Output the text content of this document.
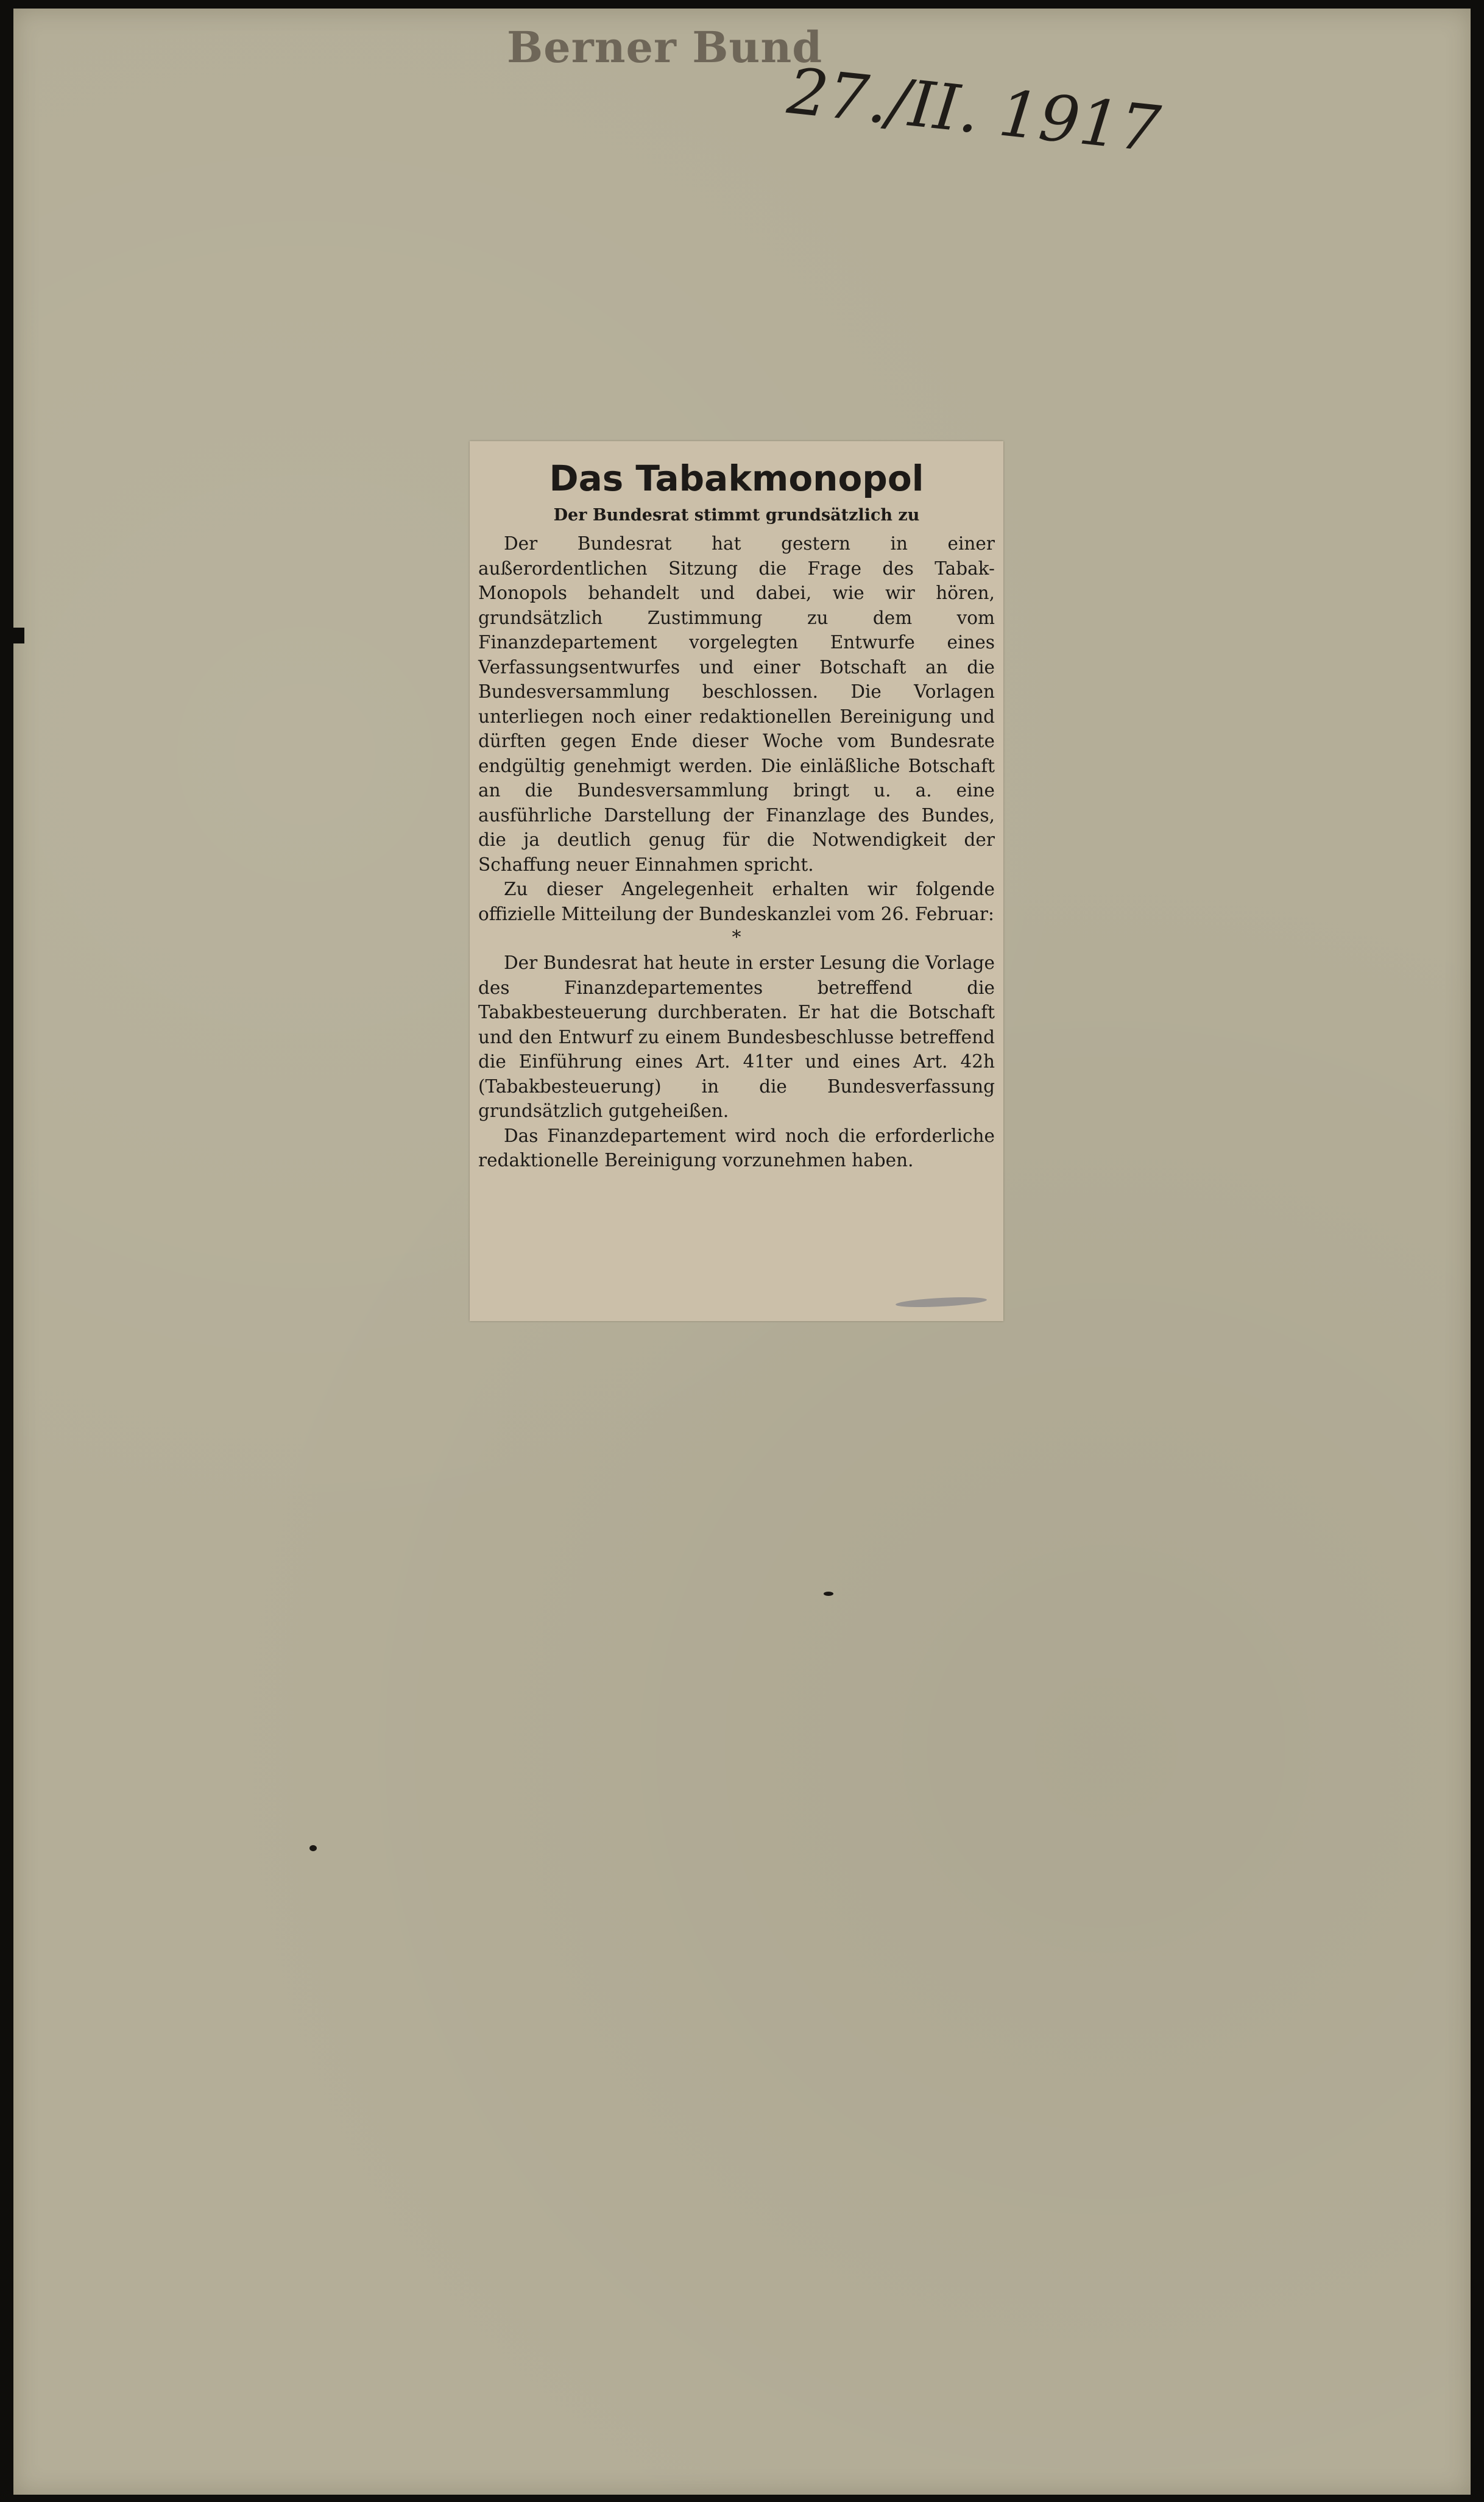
Berner Bund
27./II. 1917
Das Tabakmonopol
Der Bundesrat stimmt grundsätzlich zu

Der Bundesrat hat gestern in einer außerordentlichen Sitzung die Frage des Tabak-Monopols behandelt und dabei, wie wir hören, grundsätzlich Zustimmung zu dem vom Finanzdepartement vorgelegten Entwurfe eines Verfassungsentwurfes und einer Botschaft an die Bundesversammlung beschlossen. Die Vorlagen unterliegen noch einer redaktionellen Bereinigung und dürften gegen Ende dieser Woche vom Bundesrate endgültig genehmigt werden. Die einläßliche Botschaft an die Bundesversammlung bringt u. a. eine ausführliche Darstellung der Finanzlage des Bundes, die ja deutlich genug für die Notwendigkeit der Schaffung neuer Einnahmen spricht.

Zu dieser Angelegenheit erhalten wir folgende offizielle Mitteilung der Bundeskanzlei vom 26. Februar:

*

Der Bundesrat hat heute in erster Lesung die Vorlage des Finanzdepartementes betreffend die Tabakbesteuerung durchberaten. Er hat die Botschaft und den Entwurf zu einem Bundesbeschlusse betreffend die Einführung eines Art. 41ter und eines Art. 42h (Tabakbesteuerung) in die Bundesverfassung grundsätzlich gutgeheißen.

Das Finanzdepartement wird noch die erforderliche redaktionelle Bereinigung vorzunehmen haben.
